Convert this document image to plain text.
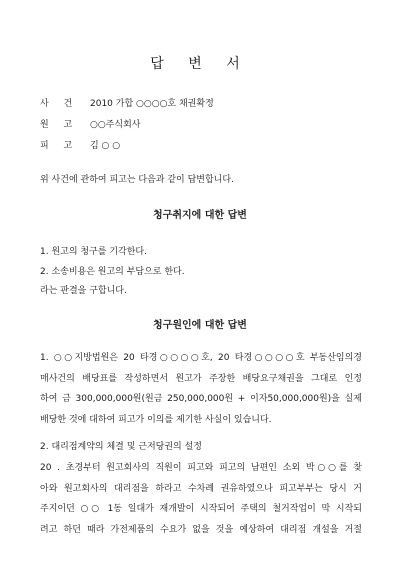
답 변 서
사 건 2010 가합 ○○○○호 채권확정
원 고 ○○주식회사
피 고 김 ○ ○
위 사건에 관하여 피고는 다음과 같이 답변합니다.
청구취지에 대한 답변
1. 원고의 청구를 기각한다.
2. 소송비용은 원고의 부담으로 한다.
라는 판결을 구합니다.
청구원인에 대한 답변
1. ○○지방법원은 20 타경○○○○호, 20 타경○○○○호 부동산임의경
매사건의 배당표를 작성하면서 원고가 주장한 배당요구채권을 그대로 인정
하여 금 300,000,000원(원금 250,000,000원 + 이자50,000,000원)을 실제
배당한 것에 대하여 피고가 이의를 제기한 사실이 있습니다.
2. 대리점계약의 체결 및 근저당권의 설정
20 . 초경부터 원고회사의 직원이 피고와 피고의 남편인 소외 박○○를 찾
아와 원고회사의 대리점을 하라고 수차례 권유하였으나 피고부부는 당시 거
주지이던 ○○ 1동 일대가 재개발이 시작되어 주택의 철거작업이 막 시작되
려고 하던 때라 가전제품의 수요가 없을 것을 예상하여 대리점 개설을 거절
